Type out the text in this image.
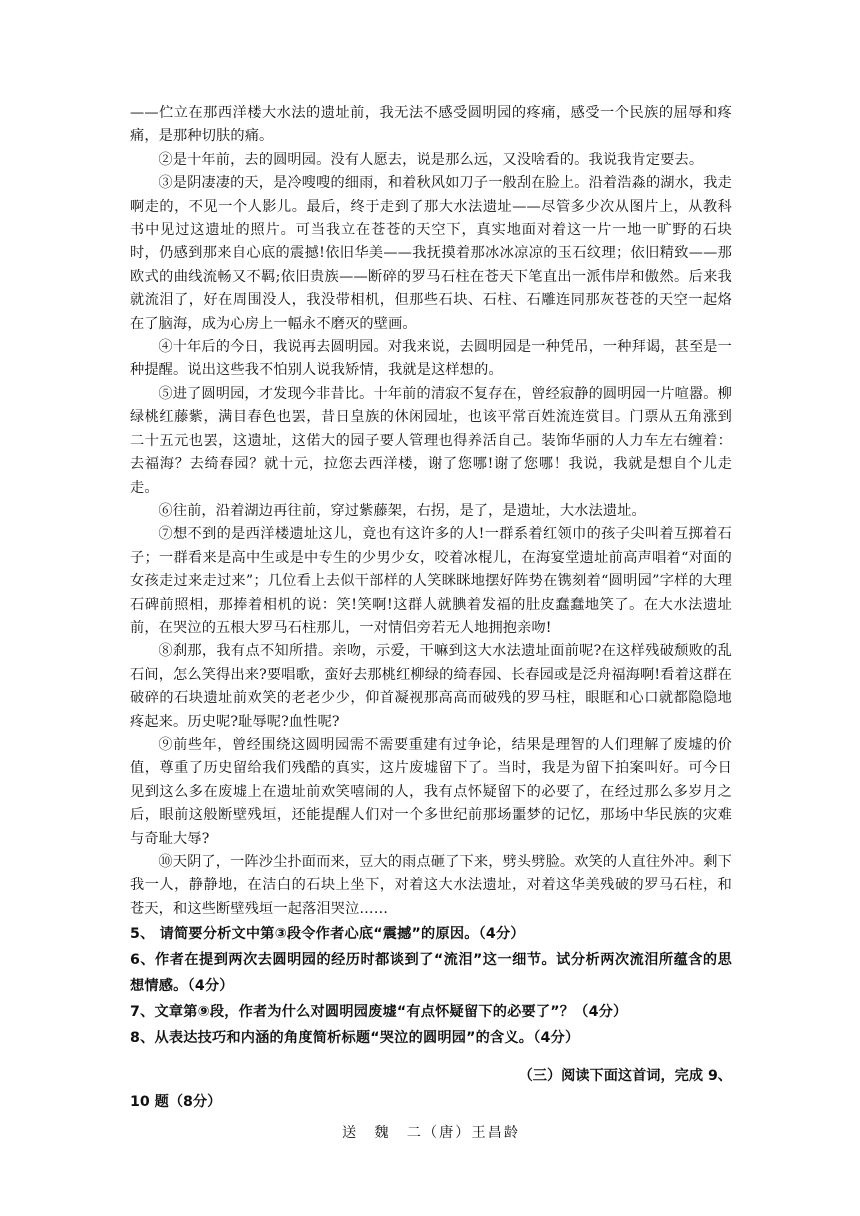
——伫立在那西洋楼大水法的遗址前，我无法不感受圆明园的疼痛，感受一个民族的屈辱和疼痛，是那种切肤的痛。

②是十年前，去的圆明园。没有人愿去，说是那么远，又没啥看的。我说我肯定要去。

③是阴凄凄的天，是冷嗖嗖的细雨，和着秋风如刀子一般刮在脸上。沿着浩淼的湖水，我走啊走的，不见一个人影儿。最后，终于走到了那大水法遗址——尽管多少次从图片上，从教科书中见过这遗址的照片。可当我立在苍苍的天空下，真实地面对着这一片一地一旷野的石块时，仍感到那来自心底的震撼!依旧华美——我抚摸着那冰冰凉凉的玉石纹理；依旧精致——那欧式的曲线流畅又不羁;依旧贵族——断碎的罗马石柱在苍天下笔直出一派伟岸和傲然。后来我就流泪了，好在周围没人，我没带相机，但那些石块、石柱、石雕连同那灰苍苍的天空一起烙在了脑海，成为心房上一幅永不磨灭的壁画。

④十年后的今日，我说再去圆明园。对我来说，去圆明园是一种凭吊，一种拜谒，甚至是一种提醒。说出这些我不怕别人说我矫情，我就是这样想的。

⑤进了圆明园，才发现今非昔比。十年前的清寂不复存在，曾经寂静的圆明园一片喧嚣。柳绿桃红藤紫，满目春色也罢，昔日皇族的休闲园址，也该平常百姓流连赏目。门票从五角涨到二十五元也罢，这遗址，这偌大的园子要人管理也得养活自己。装饰华丽的人力车左右缠着：去福海？去绮春园？就十元，拉您去西洋楼，谢了您哪!谢了您哪！我说，我就是想自个儿走走。

⑥往前，沿着湖边再往前，穿过紫藤架，右拐，是了，是遗址，大水法遗址。

⑦想不到的是西洋楼遗址这儿，竟也有这许多的人!一群系着红领巾的孩子尖叫着互掷着石子；一群看来是高中生或是中专生的少男少女，咬着冰棍儿，在海宴堂遗址前高声唱着“对面的女孩走过来走过来”；几位看上去似干部样的人笑眯眯地摆好阵势在镌刻着“圆明园”字样的大理石碑前照相，那捧着相机的说：笑!笑啊!这群人就腆着发福的肚皮蠢蠢地笑了。在大水法遗址前，在哭泣的五根大罗马石柱那儿，一对情侣旁若无人地拥抱亲吻!

⑧刹那，我有点不知所措。亲吻，示爱，干嘛到这大水法遗址面前呢?在这样残破颓败的乱石间，怎么笑得出来?要唱歌，蛮好去那桃红柳绿的绮春园、长春园或是泛舟福海啊!看着这群在破碎的石块遗址前欢笑的老老少少，仰首凝视那高高而破残的罗马柱，眼眶和心口就都隐隐地疼起来。历史呢?耻辱呢?血性呢?

⑨前些年，曾经围绕这圆明园需不需要重建有过争论，结果是理智的人们理解了废墟的价值，尊重了历史留给我们残酷的真实，这片废墟留下了。当时，我是为留下拍案叫好。可今日见到这么多在废墟上在遗址前欢笑嘻闹的人，我有点怀疑留下的必要了，在经过那么多岁月之后，眼前这般断壁残垣，还能提醒人们对一个多世纪前那场噩梦的记忆，那场中华民族的灾难与奇耻大辱?

⑩天阴了，一阵沙尘扑面而来，豆大的雨点砸了下来，劈头劈脸。欢笑的人直往外冲。剩下我一人，静静地，在洁白的石块上坐下，对着这大水法遗址，对着这华美残破的罗马石柱，和苍天，和这些断壁残垣一起落泪哭泣……

5、 请简要分析文中第③段令作者心底“震撼”的原因。（4分）

6、作者在提到两次去圆明园的经历时都谈到了“流泪”这一细节。试分析两次流泪所蕴含的思想情感。（4分）

7、文章第⑨段，作者为什么对圆明园废墟“有点怀疑留下的必要了”？（4分）

8、从表达技巧和内涵的角度简析标题“哭泣的圆明园”的含义。（4分）

（三）阅读下面这首词，完成 9、
10 题（8分）

送　魏　二（唐）王昌龄
